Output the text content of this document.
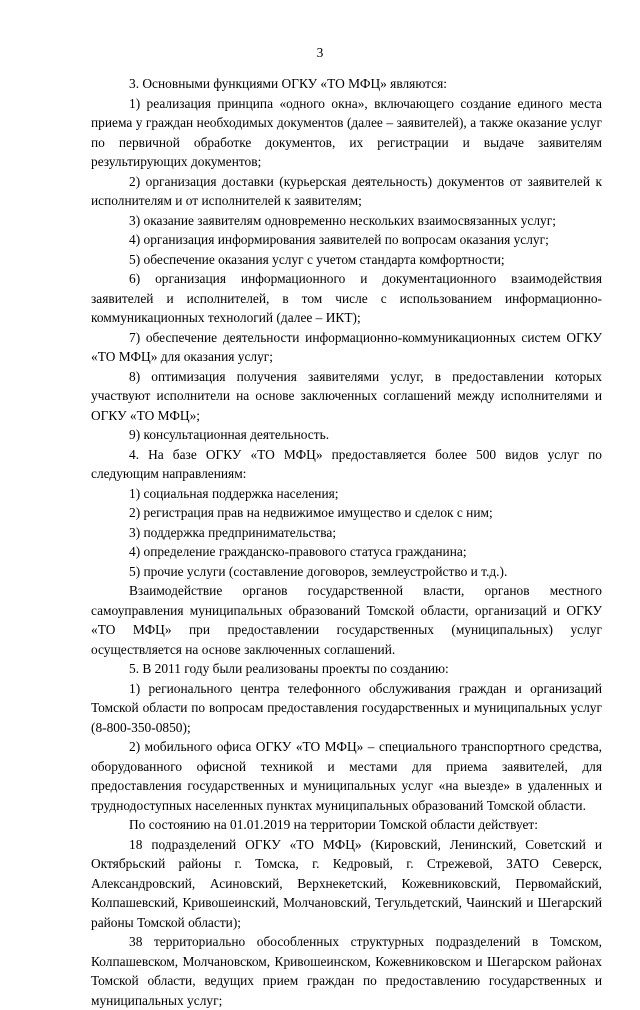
3

3. Основными функциями ОГКУ «ТО МФЦ» являются:

1) реализация принципа «одного окна», включающего создание единого места приема у граждан необходимых документов (далее – заявителей), а также оказание услуг по первичной обработке документов, их регистрации и выдаче заявителям результирующих документов;

2) организация доставки (курьерская деятельность) документов от заявителей к исполнителям и от исполнителей к заявителям;

3) оказание заявителям одновременно нескольких взаимосвязанных услуг;

4) организация информирования заявителей по вопросам оказания услуг;

5) обеспечение оказания услуг с учетом стандарта комфортности;

6) организация информационного и документационного взаимодействия заявителей и исполнителей, в том числе с использованием информационно-коммуникационных технологий (далее – ИКТ);

7) обеспечение деятельности информационно-коммуникационных систем ОГКУ «ТО МФЦ» для оказания услуг;

8) оптимизация получения заявителями услуг, в предоставлении которых участвуют исполнители на основе заключенных соглашений между исполнителями и ОГКУ «ТО МФЦ»;

9) консультационная деятельность.

4. На базе ОГКУ «ТО МФЦ» предоставляется более 500 видов услуг по следующим направлениям:

1) социальная поддержка населения;

2) регистрация прав на недвижимое имущество и сделок с ним;

3) поддержка предпринимательства;

4) определение гражданско-правового статуса гражданина;

5) прочие услуги (составление договоров, землеустройство и т.д.).

Взаимодействие органов государственной власти, органов местного самоуправления муниципальных образований Томской области, организаций и ОГКУ «ТО МФЦ» при предоставлении государственных (муниципальных) услуг осуществляется на основе заключенных соглашений.

5. В 2011 году были реализованы проекты по созданию:

1) регионального центра телефонного обслуживания граждан и организаций Томской области по вопросам предоставления государственных и муниципальных услуг (8-800-350-0850);

2) мобильного офиса ОГКУ «ТО МФЦ» – специального транспортного средства, оборудованного офисной техникой и местами для приема заявителей, для предоставления государственных и муниципальных услуг «на выезде» в удаленных и труднодоступных населенных пунктах муниципальных образований Томской области.

По состоянию на 01.01.2019 на территории Томской области действует:

18 подразделений ОГКУ «ТО МФЦ» (Кировский, Ленинский, Советский и Октябрьский районы г. Томска, г. Кедровый, г. Стрежевой, ЗАТО Северск, Александровский, Асиновский, Верхнекетский, Кожевниковский, Первомайский, Колпашевский, Кривошеинский, Молчановский, Тегульдетский, Чаинский и Шегарский районы Томской области);

38 территориально обособленных структурных подразделений в Томском, Колпашевском, Молчановском, Кривошеинском, Кожевниковском и Шегарском районах Томской области, ведущих прием граждан по предоставлению государственных и муниципальных услуг;
